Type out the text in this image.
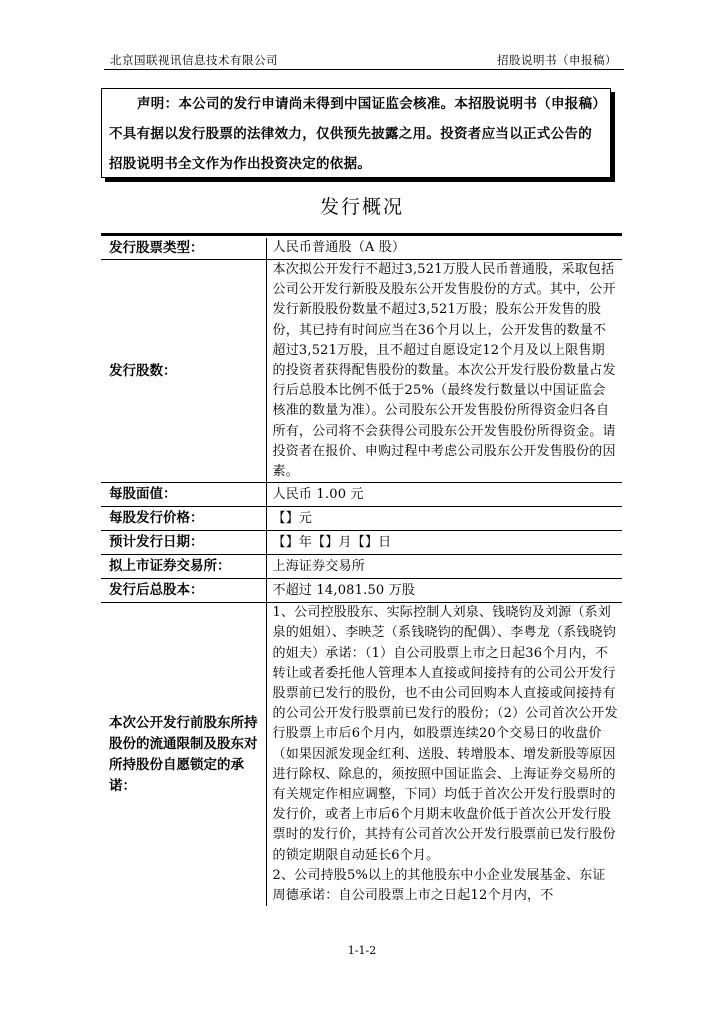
北京国联视讯信息技术有限公司	招股说明书（申报稿）
声明：本公司的发行申请尚未得到中国证监会核准。本招股说明书（申报稿）不具有据以发行股票的法律效力，仅供预先披露之用。投资者应当以正式公告的招股说明书全文作为作出投资决定的依据。
发行概况
发行股票类型：	人民币普通股（A 股）
发行股数：	本次拟公开发行不超过3,521万股人民币普通股，采取包括公司公开发行新股及股东公开发售股份的方式。其中，公开发行新股股份数量不超过3,521万股；股东公开发售的股份，其已持有时间应当在36个月以上，公开发售的数量不超过3,521万股，且不超过自愿设定12个月及以上限售期的投资者获得配售股份的数量。本次公开发行股份数量占发行后总股本比例不低于25%（最终发行数量以中国证监会核准的数量为准）。公司股东公开发售股份所得资金归各自所有，公司将不会获得公司股东公开发售股份所得资金。请投资者在报价、申购过程中考虑公司股东公开发售股份的因素。
每股面值：	人民币 1.00 元
每股发行价格：	【】元
预计发行日期：	【】年【】月【】日
拟上市证券交易所：	上海证券交易所
发行后总股本：	不超过 14,081.50 万股
本次公开发行前股东所持股份的流通限制及股东对所持股份自愿锁定的承诺：	1、公司控股股东、实际控制人刘泉、钱晓钧及刘源（系刘泉的姐姐）、李映芝（系钱晓钧的配偶）、李粤龙（系钱晓钧的姐夫）承诺：（1）自公司股票上市之日起36个月内，不转让或者委托他人管理本人直接或间接持有的公司公开发行股票前已发行的股份，也不由公司回购本人直接或间接持有的公司公开发行股票前已发行的股份；（2）公司首次公开发行股票上市后6个月内，如股票连续20个交易日的收盘价（如果因派发现金红利、送股、转增股本、增发新股等原因进行除权、除息的，须按照中国证监会、上海证券交易所的有关规定作相应调整，下同）均低于首次公开发行股票时的发行价，或者上市后6个月期末收盘价低于首次公开发行股票时的发行价，其持有公司首次公开发行股票前已发行股份的锁定期限自动延长6个月。
2、公司持股5%以上的其他股东中小企业发展基金、东证周德承诺：自公司股票上市之日起12个月内，不
1-1-2
